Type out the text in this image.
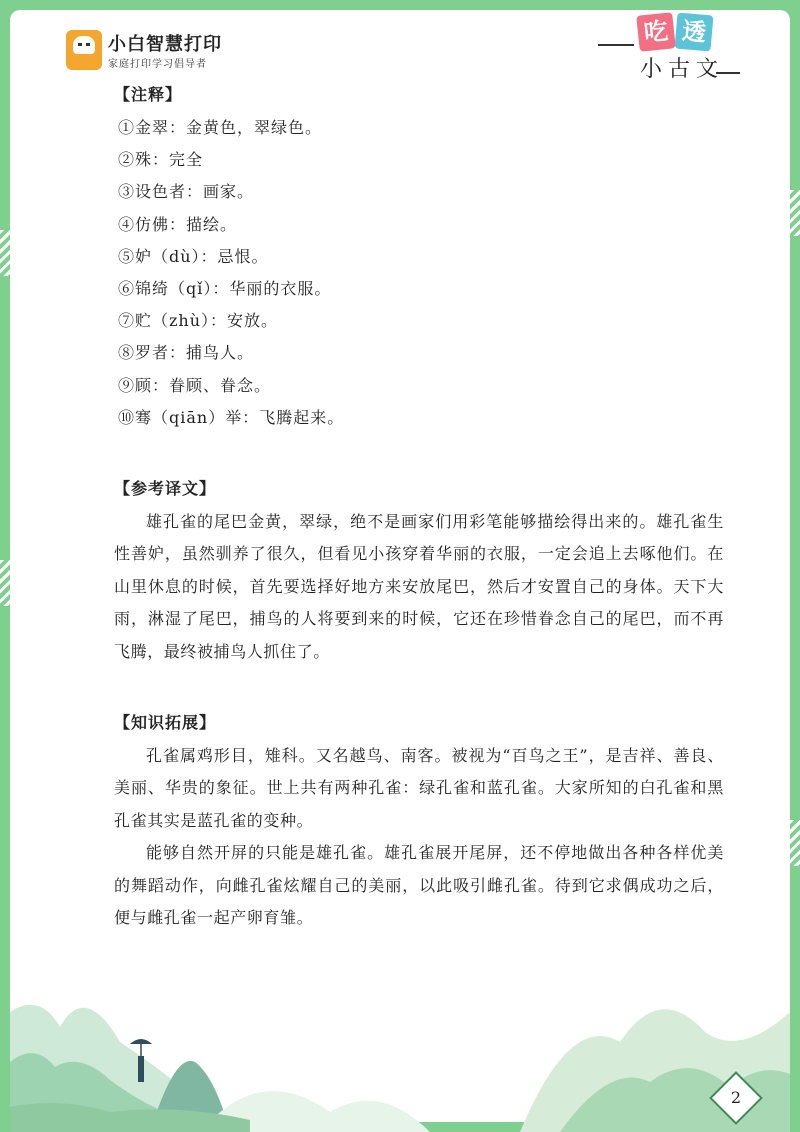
小白智慧打印
家庭打印学习倡导者
吃 透
小古文
【注释】
①金翠：金黄色，翠绿色。
②殊：完全
③设色者：画家。
④仿佛：描绘。
⑤妒（dù）：忌恨。
⑥锦绮（qǐ）：华丽的衣服。
⑦贮（zhù）：安放。
⑧罗者：捕鸟人。
⑨顾：眷顾、眷念。
⑩骞（qiān）举：飞腾起来。
【参考译文】

雄孔雀的尾巴金黄，翠绿，绝不是画家们用彩笔能够描绘得出来的。雄孔雀生性善妒，虽然驯养了很久，但看见小孩穿着华丽的衣服，一定会追上去啄他们。在山里休息的时候，首先要选择好地方来安放尾巴，然后才安置自己的身体。天下大雨，淋湿了尾巴，捕鸟的人将要到来的时候，它还在珍惜眷念自己的尾巴，而不再飞腾，最终被捕鸟人抓住了。

【知识拓展】

孔雀属鸡形目，雉科。又名越鸟、南客。被视为“百鸟之王”，是吉祥、善良、美丽、华贵的象征。世上共有两种孔雀：绿孔雀和蓝孔雀。大家所知的白孔雀和黑孔雀其实是蓝孔雀的变种。

能够自然开屏的只能是雄孔雀。雄孔雀展开尾屏，还不停地做出各种各样优美的舞蹈动作，向雌孔雀炫耀自己的美丽，以此吸引雌孔雀。待到它求偶成功之后，便与雌孔雀一起产卵育雏。

2
